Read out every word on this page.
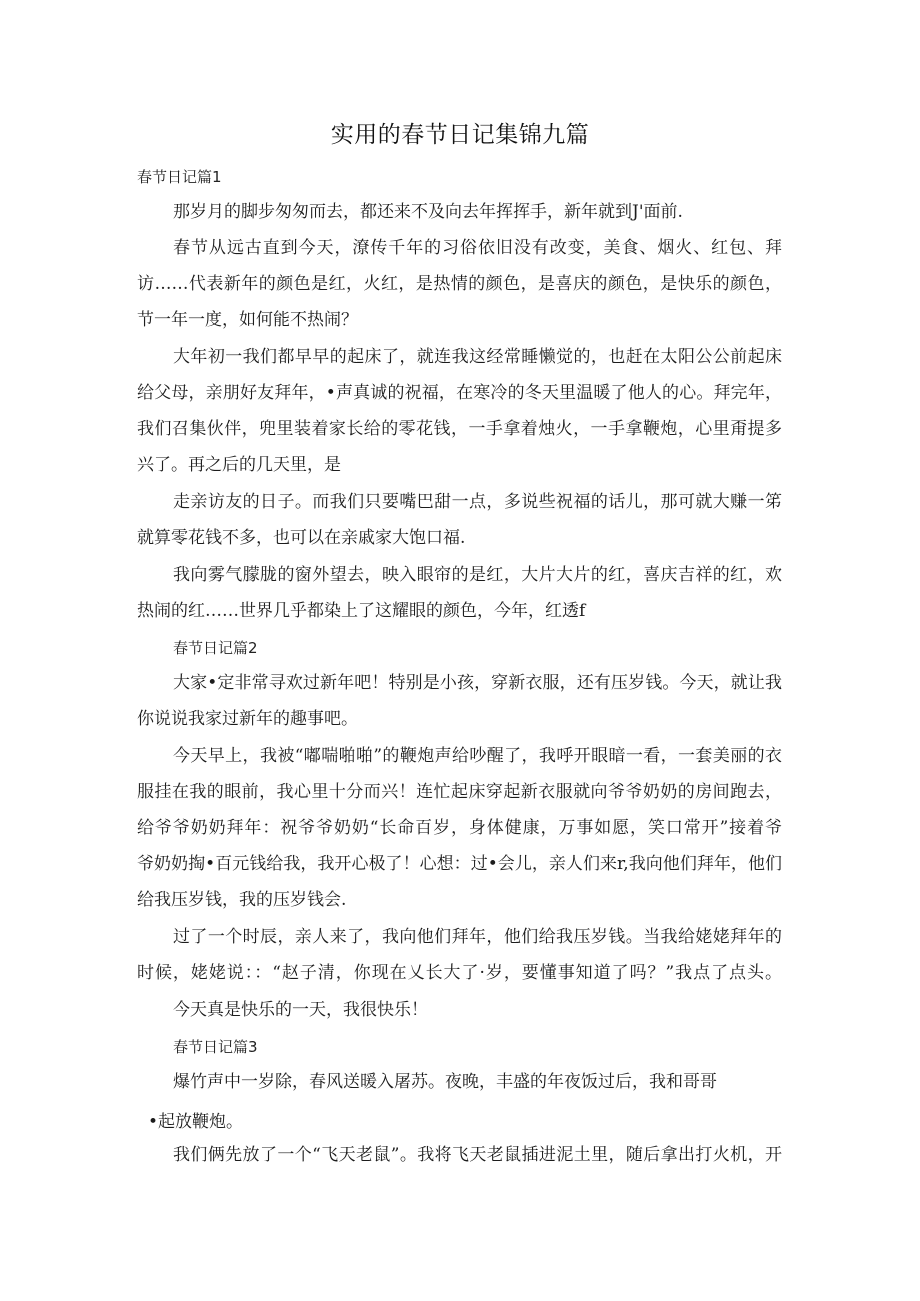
实用的春节日记集锦九篇
春节日记篇1
那岁月的脚步匆匆而去，都还来不及向去年挥挥手，新年就到J'面前.
春节从远古直到今天，潦传千年的习俗依旧没有改变，美食、烟火、红包、拜
访……代表新年的颜色是红，火红，是热情的颜色，是喜庆的颜色，是快乐的颜色，
节一年一度，如何能不热闹？
大年初一我们都早早的起床了，就连我这经常睡懒觉的，也赶在太阳公公前起床
给父母，亲朋好友拜年，•声真诚的祝福，在寒冷的冬天里温暖了他人的心。拜完年，
我们召集伙伴，兜里装着家长给的零花钱，一手拿着烛火，一手拿鞭炮，心里甭提多
兴了。再之后的几天里，是
走亲访友的日子。而我们只要嘴巴甜一点，多说些祝福的话儿，那可就大赚一笫
就算零花钱不多，也可以在亲戚家大饱口福.
我向雾气朦胧的窗外望去，映入眼帘的是红，大片大片的红，喜庆吉祥的红，欢
热闹的红……世界几乎都染上了这耀眼的颜色，今年，红透f
春节日记篇2
大家•定非常寻欢过新年吧！特别是小孩，穿新衣服，还有压岁钱。今天，就让我
你说说我家过新年的趣事吧。
今天早上，我被“嘟喘啪啪”的鞭炮声给吵醒了，我呼开眼暗一看，一套美丽的衣
服挂在我的眼前，我心里十分而兴！连忙起床穿起新衣服就向爷爷奶奶的房间跑去，
给爷爷奶奶拜年：祝爷爷奶奶“长命百岁，身体健康，万事如愿，笑口常开”接着爷
爷奶奶掏•百元钱给我，我开心极了！心想：过•会儿，亲人们来r,我向他们拜年，他们
给我压岁钱，我的压岁钱会.
过了一个时辰，亲人来了，我向他们拜年，他们给我压岁钱。当我给姥姥拜年的
时候，姥姥说：：“赵子清，你现在乂长大了·岁，要懂事知道了吗？”我点了点头。
今天真是快乐的一天，我很快乐！
春节日记篇3
爆竹声中一岁除，春风送暖入屠苏。夜晚，丰盛的年夜饭过后，我和哥哥
•起放鞭炮。
我们俩先放了一个“飞天老鼠”。我将飞天老鼠插进泥土里，随后拿出打火机，开
